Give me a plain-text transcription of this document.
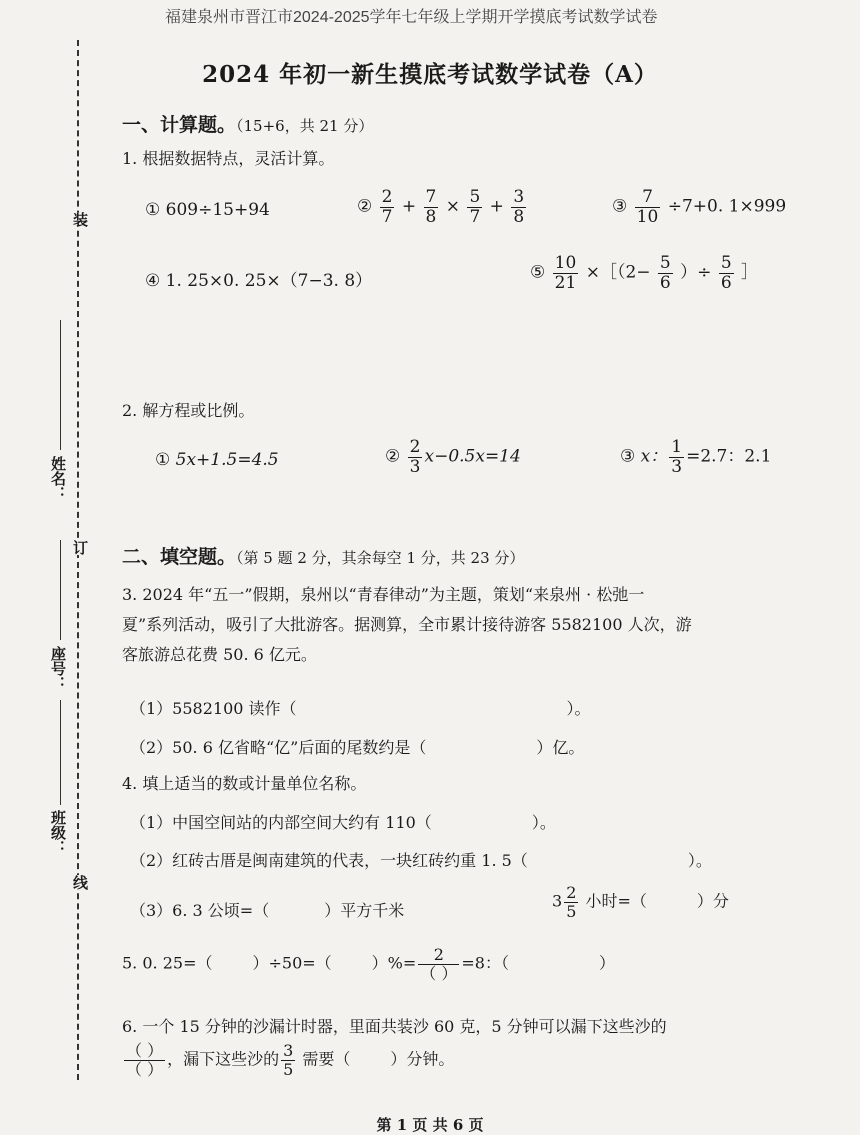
福建泉州市晋江市2024-2025学年七年级上学期开学摸底考试数学试卷
2024 年初一新生摸底考试数学试卷（A）
装
订
线
姓名：
座号：
班级：
一、计算题。（15+6，共 21 分）
1. 根据数据特点，灵活计算。
① 609÷15+94	② $\frac{2}{7} + \frac{7}{8} \times \frac{5}{7} + \frac{3}{8}$	③ $\frac{7}{10} \div 7+0$. 1×999
④ 1. 25×0. 25×（7−3. 8）	⑤ $\frac{10}{21}$ ×［（2− $\frac{5}{6}$ ）÷ $\frac{5}{6}$ ］
2. 解方程或比例。
① 5x+1.5=4.5	② $\frac{2}{3} x-0.5x=14$	③ x： $\frac{1}{3} =2.7$：2.1
二、填空题。（第 5 题 2 分，其余每空 1 分，共 23 分）
3. 2024 年“五一”假期，泉州以“青春律动”为主题，策划“来泉州 · 松弛一
夏”系列活动，吸引了大批游客。据测算，全市累计接待游客 5582100 人次，游
客旅游总花费 50. 6 亿元。
（1）5582100 读作（	）。
（2）50. 6 亿省略“亿”后面的尾数约是（	）亿。
4. 填上适当的数或计量单位名称。
（1）中国空间站的内部空间大约有 110（	）。
（2）红砖古厝是闽南建筑的代表，一块红砖约重 1. 5（	）。
（3）6. 3 公顷=（	）平方千米	$3 \frac{2}{5}$ 小时=（	）分
5. 0. 25=（	）÷50=（	）%= $\frac{2}{( )} =8$：（	）
6. 一个 15 分钟的沙漏计时器，里面共装沙 60 克，5 分钟可以漏下这些沙的
$\frac{( )}{( )}$ ，漏下这些沙的 $\frac{3}{5}$ 需要（	）分钟。
第 1 页 共 6 页
